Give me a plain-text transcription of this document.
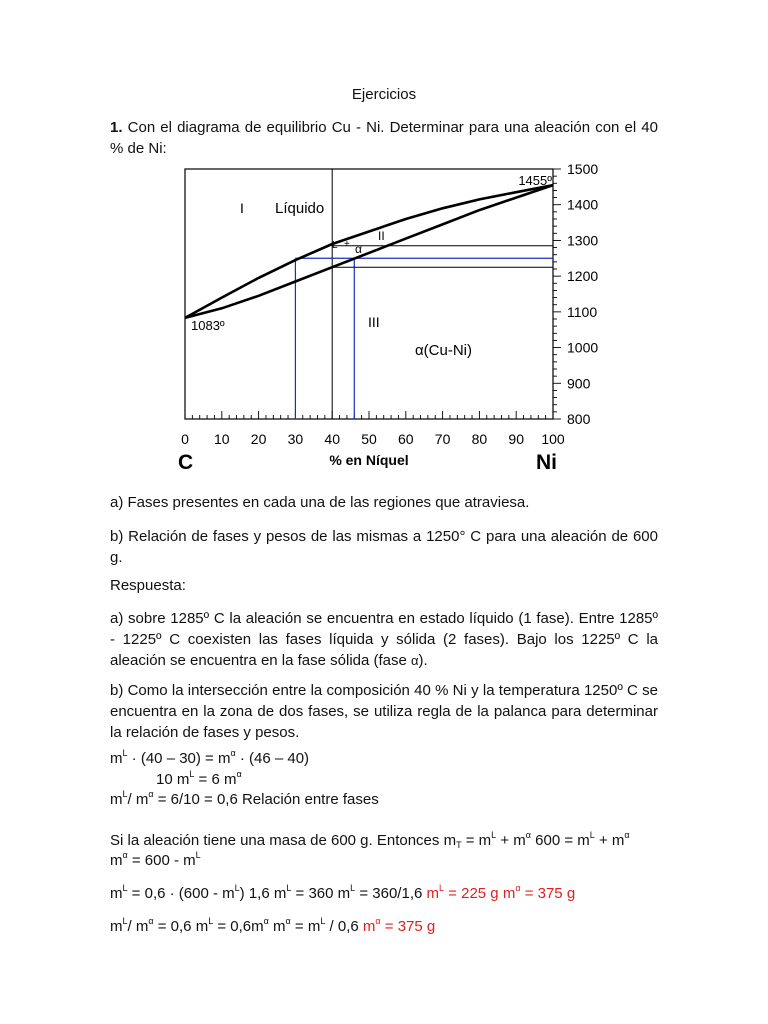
Ejercicios
1. Con el diagrama de equilibrio Cu - Ni. Determinar para una aleación con el 40 % de Ni:
0 10 20 30 40 50 60 70 80 90 100
800
900
1000
1100
1200
1300
1400
1500
1455º
1083º
I Líquido
II
L + α
III
α(Cu-Ni)
C	% en Níquel	Ni
a) Fases presentes en cada una de las regiones que atraviesa.
b) Relación de fases y pesos de las mismas a 1250° C para una aleación de 600 g.
Respuesta:
a) sobre 1285º C la aleación se encuentra en estado líquido (1 fase). Entre 1285º - 1225º C coexisten las fases líquida y sólida (2 fases). Bajo los 1225º C la aleación se encuentra en la fase sólida (fase α).
b) Como la intersección entre la composición 40 % Ni y la temperatura 1250º C se encuentra en la zona de dos fases, se utiliza regla de la palanca para determinar la relación de fases y pesos.
$m^L \cdot (40 - 30) = m^\alpha \cdot (46 - 40)$
10 $m^L = 6$ $m^\alpha$
$m^L/$ $m^\alpha = 6/10 = 0,6$ Relación entre fases
Si la aleación tiene una masa de 600 g. Entonces $m_T = m^L + m^\alpha$ $600 = m^L + m^\alpha$
$m^\alpha = 600 - m^L$
$m^L = 0,6 \cdot (600 - m^L)$ 1,6 $m^L = 360$ $m^L = 360/1,6$ $m^L = 225$ g $m^\alpha = 375$ g
$m^L/$ $m^\alpha = 0,6$ $m^L = 0,6m^\alpha$ $m^\alpha = m^L / 0,6$ $m^\alpha = 375$ g
